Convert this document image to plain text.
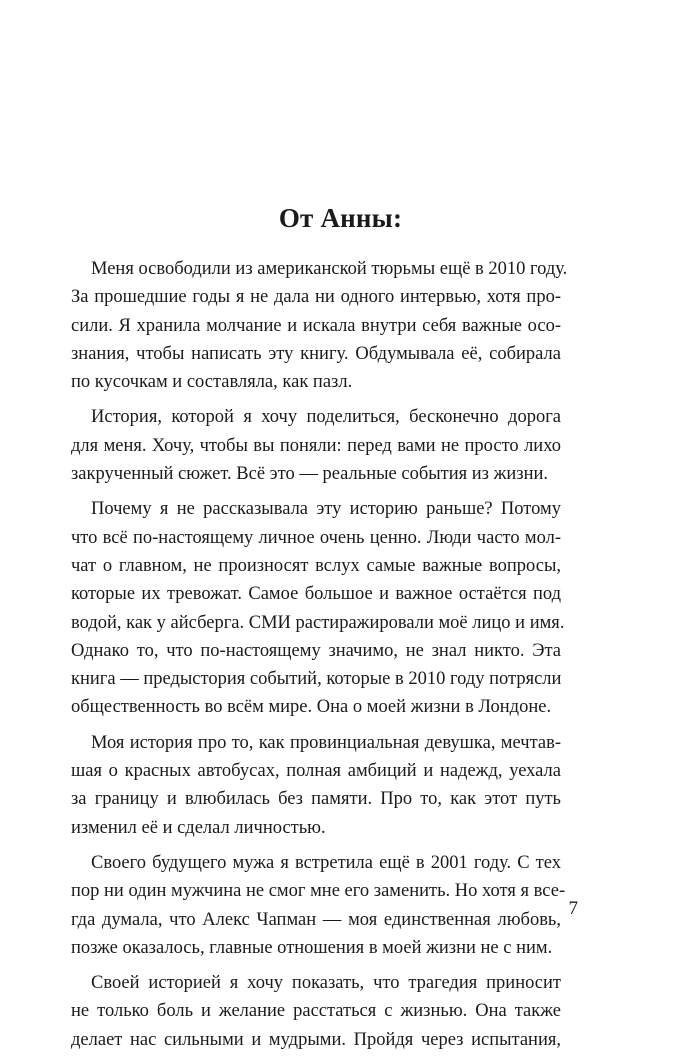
От Анны:
Меня освободили из американской тюрьмы ещё в 2010 году.
За прошедшие годы я не дала ни одного интервью, хотя про-
сили. Я хранила молчание и искала внутри себя важные осо-
знания, чтобы написать эту книгу. Обдумывала её, собирала
по кусочкам и составляла, как пазл.
История, которой я хочу поделиться, бесконечно дорога
для меня. Хочу, чтобы вы поняли: перед вами не просто лихо
закрученный сюжет. Всё это — реальные события из жизни.
Почему я не рассказывала эту историю раньше? Потому
что всё по-настоящему личное очень ценно. Люди часто мол-
чат о главном, не произносят вслух самые важные вопросы,
которые их тревожат. Самое большое и важное остаётся под
водой, как у айсберга. СМИ растиражировали моё лицо и имя.
Однако то, что по-настоящему значимо, не знал никто. Эта
книга — предыстория событий, которые в 2010 году потрясли
общественность во всём мире. Она о моей жизни в Лондоне.
Моя история про то, как провинциальная девушка, мечтав-
шая о красных автобусах, полная амбиций и надежд, уехала
за границу и влюбилась без памяти. Про то, как этот путь
изменил её и сделал личностью.
Своего будущего мужа я встретила ещё в 2001 году. С тех
пор ни один мужчина не смог мне его заменить. Но хотя я все-
гда думала, что Алекс Чапман — моя единственная любовь,
позже оказалось, главные отношения в моей жизни не с ним.
Своей историей я хочу показать, что трагедия приносит
не только боль и желание расстаться с жизнью. Она также
делает нас сильными и мудрыми. Пройдя через испытания,

7
